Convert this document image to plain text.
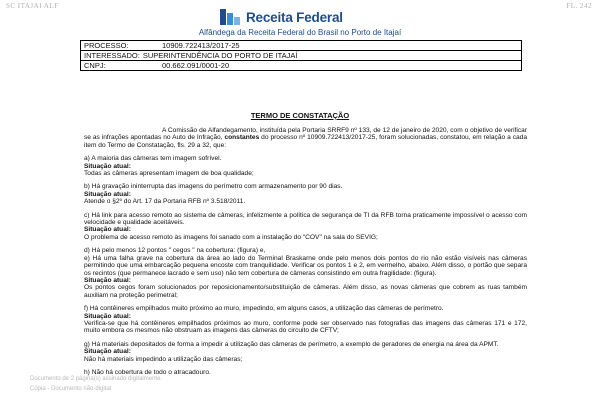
SC ITAJAI ALF	FL. 242
Receita Federal
Alfândega da Receita Federal do Brasil no Porto de Itajaí
PROCESSO:	10909.722413/2017-25
INTERESSADO: SUPERINTENDÊNCIA DO PORTO DE ITAJAÍ
CNPJ:	00.662.091/0001-20
TERMO DE CONSTATAÇÃO

A Comissão de Alfandegamento, instituída pela Portaria SRRF9 nº 133, de 12 de janeiro de 2020, com o objetivo de verificar se as infrações apontadas no Auto de Infração, constantes do processo nº 10909.722413/2017-25, foram solucionadas, constatou, em relação a cada item do Termo de Constatação, fls. 29 a 32, que:

a) A maioria das câmeras tem imagem sofrível.

Situação atual:

Todas as câmeras apresentam imagem de boa qualidade;

b) Há gravação ininterrupta das imagens do perímetro com armazenamento por 90 dias.

Situação atual:

Atende o §2º do Art. 17 da Portaria RFB nº 3.518/2011.

c) Há link para acesso remoto ao sistema de câmeras, infelizmente a política de segurança de TI da RFB torna praticamente impossível o acesso com velocidade e qualidade aceitáveis.

Situação atual:

O problema de acesso remoto às imagens foi sanado com a instalação do "COV" na sala do SEVIG;

d) Há pelo menos 12 pontos " cegos " na cobertura: (figura) e,

e) Há uma falha grave na cobertura da área ao lado do Terminal Braskarne onde pelo menos dois pontos do rio não estão visíveis nas câmeras permitindo que uma embarcação pequena encoste com tranquilidade. Verificar os pontos 1 e 2, em vermelho, abaixo. Além disso, o portão que separa os recintos (que permanece lacrado e sem uso) não tem cobertura de câmeras consistindo em outra fragilidade: (figura).

Situação atual:

Os pontos cegos foram solucionados por reposicionamento/substituição de câmeras. Além disso, as novas câmeras que cobrem as ruas também auxiliam na proteção perimetral;

f) Há contêineres empilhados muito próximo ao muro, impedindo, em alguns casos, a utilização das câmeras de perímetro.

Situação atual:

Verifica-se que há contêineres empilhados próximos ao muro, conforme pode ser observado nas fotografias das imagens das câmeras 171 e 172, muito embora os mesmos não obstruam as imagens das câmeras do circuito de CFTV;

g) Há materiais depositados de forma a impedir a utilização das câmeras de perímetro, a exemplo de geradores de energia na área da APMT.

Situação atual:

Não há materiais impedindo a utilização das câmeras;

h) Não há cobertura de todo o atracadouro.

Documento de 2 página(s) assinado digitalmente.
Cópia - Documento não-digital
